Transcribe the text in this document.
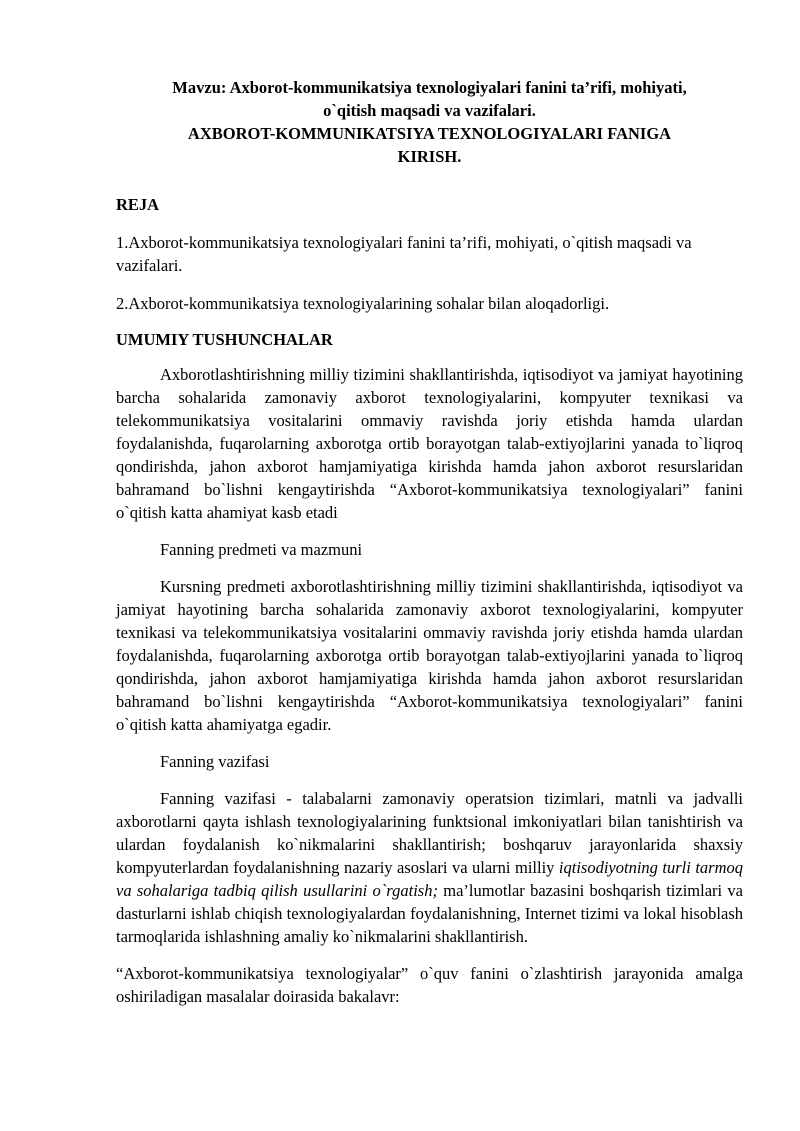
Mavzu: Axborot-kommunikatsiya texnologiyalari fanini ta’rifi, mohiyati,
o`qitish maqsadi va vazifalari.
AXBOROT-KOMMUNIKATSIYA TEXNOLOGIYALARI FANIGA
KIRISH.

REJA

1.Axborot-kommunikatsiya texnologiyalari fanini ta’rifi, mohiyati, o`qitish maqsadi va vazifalari.

2.Axborot-kommunikatsiya texnologiyalarining sohalar bilan aloqadorligi.

UMUMIY TUSHUNCHALAR

Axborotlashtirishning milliy tizimini shakllantirishda, iqtisodiyot va jamiyat hayotining barcha sohalarida zamonaviy axborot texnologiyalarini, kompyuter texnikasi va telekommunikatsiya vositalarini ommaviy ravishda joriy etishda hamda ulardan foydalanishda, fuqarolarning axborotga ortib borayotgan talab-extiyojlarini yanada to`liqroq qondirishda, jahon axborot hamjamiyatiga kirishda hamda jahon axborot resurslaridan bahramand bo`lishni kengaytirishda “Axborot-kommunikatsiya texnologiyalari” fanini o`qitish katta ahamiyat kasb etadi

Fanning predmeti va mazmuni

Kursning predmeti axborotlashtirishning milliy tizimini shakllantirishda, iqtisodiyot va jamiyat hayotining barcha sohalarida zamonaviy axborot texnologiyalarini, kompyuter texnikasi va telekommunikatsiya vositalarini ommaviy ravishda joriy etishda hamda ulardan foydalanishda, fuqarolarning axborotga ortib borayotgan talab-extiyojlarini yanada to`liqroq qondirishda, jahon axborot hamjamiyatiga kirishda hamda jahon axborot resurslaridan bahramand bo`lishni kengaytirishda “Axborot-kommunikatsiya texnologiyalari” fanini o`qitish katta ahamiyatga egadir.

Fanning vazifasi

Fanning vazifasi - talabalarni zamonaviy operatsion tizimlari, matnli va jadvalli axborotlarni qayta ishlash texnologiyalarining funktsional imkoniyatlari bilan tanishtirish va ulardan foydalanish ko`nikmalarini shakllantirish; boshqaruv jarayonlarida shaxsiy kompyuterlardan foydalanishning nazariy asoslari va ularni milliy iqtisodiyotning turli tarmoq va sohalariga tadbiq qilish usullarini o`rgatish; ma’lumotlar bazasini boshqarish tizimlari va dasturlarni ishlab chiqish texnologiyalardan foydalanishning, Internet tizimi va lokal hisoblash tarmoqlarida ishlashning amaliy ko`nikmalarini shakllantirish.

“Axborot-kommunikatsiya texnologiyalar” o`quv fanini o`zlashtirish jarayonida amalga oshiriladigan masalalar doirasida bakalavr:
